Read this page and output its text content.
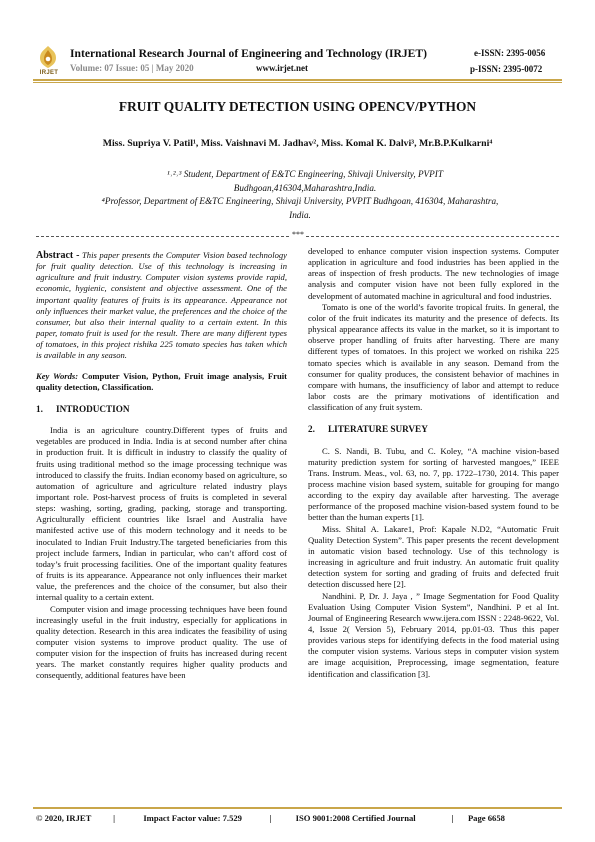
IRJET
International Research Journal of Engineering and Technology (IRJET)
Volume: 07 Issue: 05 | May 2020	www.irjet.net
e-ISSN: 2395-0056
p-ISSN: 2395-0072
FRUIT QUALITY DETECTION USING OPENCV/PYTHON
Miss. Supriya V. Patil¹, Miss. Vaishnavi M. Jadhav², Miss. Komal K. Dalvi³, Mr.B.P.Kulkarni⁴
¹˒²˒³ Student, Department of E&TC Engineering, Shivaji University, PVPIT Budhgoan,416304,Maharashtra,India.
⁴Professor, Department of E&TC Engineering, Shivaji University, PVPIT Budhgoan, 416304, Maharashtra, India.
***

Abstract - This paper presents the Computer Vision based technology for fruit quality detection. Use of this technology is increasing in agriculture and fruit industry. Computer vision systems provide rapid, economic, hygienic, consistent and objective assessment. One of the important quality features of fruits is its appearance. Appearance not only influences their market value, the preferences and the choice of the consumer, but also their internal quality to a certain extent. In this paper, tomato fruit is used for the result. There are many different types of tomatoes, in this project rishika 225 tomato species has taken which is available in any season.

Key Words: Computer Vision, Python, Fruit image analysis, Fruit quality detection, Classification.

1. INTRODUCTION

India is an agriculture country.Different types of fruits and vegetables are produced in India. India is at second number after china in production fruit. It is difficult in industry to classify the quality of fruits using traditional method so the image processing technique was introduced to classify the fruits. Indian economy based on agriculture, so automation of agriculture and agriculture related industry plays important role. Post-harvest process of fruits is completed in several steps: washing, sorting, grading, packing, storage and transporting. Agriculturally efficient countries like Israel and Australia have manifested active use of this modern technology and it needs to be inoculated to Indian Fruit Industry.The targeted beneficiaries from this project include farmers, Indian in particular, who can’t afford cost of today’s fruit processing facilities. One of the important quality features of fruits is its appearance. Appearance not only influences their market value, the preferences and the choice of the consumer, but also their internal quality to a certain extent.

Computer vision and image processing techniques have been found increasingly useful in the fruit industry, especially for applications in quality detection. Research in this area indicates the feasibility of using computer vision systems to improve product quality. The use of computer vision for the inspection of fruits has increased during recent years. The market constantly requires higher quality products and consequently, additional features have been

developed to enhance computer vision inspection systems. Computer application in agriculture and food industries has been applied in the areas of inspection of fresh products. The new technologies of image analysis and computer vision have not been fully explored in the development of automated machine in agricultural and food industries.

Tomato is one of the world’s favorite tropical fruits. In general, the color of the fruit indicates its maturity and the presence of defects. Its physical appearance affects its value in the market, so it is important to observe proper handling of fruits after harvesting. There are many different types of tomatoes. In this project we worked on rishika 225 tomato species which is available in any season. Demand from the consumer for quality produces, the consistent behavior of machines in compare with humans, the insufficiency of labor and attempt to reduce labor costs are the primary motivations of identification and classification of any fruit system.

2. LITERATURE SURVEY

C. S. Nandi, B. Tubu, and C. Koley, “A machine vision-based maturity prediction system for sorting of harvested mangoes,” IEEE Trans. Instrum. Meas., vol. 63, no. 7, pp. 1722–1730, 2014. This paper process machine vision based system, suitable for grouping for mango according to the expiry day available after harvesting. The average performance of the proposed machine vision-based system found to be better than the human experts [1].

Miss. Shital A. Lakare1, Prof: Kapale N.D2, “Automatic Fruit Quality Detection System”. This paper presents the recent development in automatic vision based technology. Use of this technology is increasing in agriculture and fruit industry. An automatic fruit quality detection system for sorting and grading of fruits and defected fruit detection discussed here [2].

Nandhini. P, Dr. J. Jaya , ” Image Segmentation for Food Quality Evaluation Using Computer Vision System”, Nandhini. P et al Int. Journal of Engineering Research www.ijera.com ISSN : 2248-9622, Vol. 4, Issue 2( Version 5), February 2014, pp.01-03. Thus this paper provides various steps for identifying defects in the food material using the computer vision systems. Various steps in computer vision system are image acquisition, Preprocessing, image segmentation, feature identification and classification [3].

© 2020, IRJET	|	Impact Factor value: 7.529	|	ISO 9001:2008 Certified Journal	| Page 6658
